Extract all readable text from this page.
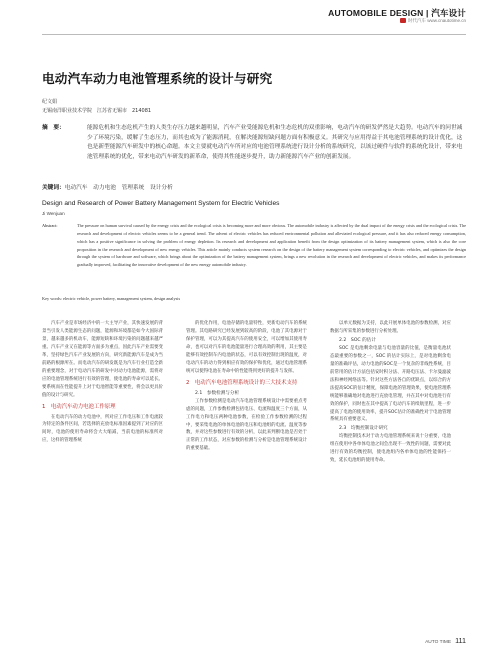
AUTOMOBILE DESIGN | 汽车设计
时代汽车 www.cnautotime.cn
电动汽车动力电池管理系统的设计与研究
纪文娟
无锡南洋职业技术学院　江苏省无锡市　214081
摘　要：	能源危机和生态危机产生的人类生存压力越来越明显，汽车产业受能源危机和生态危机的双重影响，电动汽车的研发俨然是大趋势。电动汽车的问世减少了环境污染，缓解了生态压力，而其也成为了能源消耗，在解决能源短缺问题方面有积极意义。其研究与应用得益于其电池管理系统的设计优化，这也是新型能源汽车研发中的核心命题。本文主要就电动汽车所对应的电池管理系统进行设计分析的系统研究，以该过硬件与软件的系统化设计，带来电池管理系统的优化，带来电动汽车研发的新革命，使得其性能逐步提升，助力新能源汽车产业的创新发展。
关键词：电动汽车　动力电池　管理系统　设计分析
Design and Research of Power Battery Management System for Electric Vehicles
Ji Wenjuan
Abstract:	The pressure on human survival caused by the energy crisis and the ecological crisis is becoming more and more obvious. The automobile industry is affected by the dual impact of the energy crisis and the ecological crisis. The research and development of electric vehicles seems to be a general trend. The advent of electric vehicles has reduced environmental pollution and alleviated ecological pressure, and it has also reduced energy consumption, which has a positive significance in solving the problem of energy depletion. Its research and development and application benefit from the design optimization of its battery management system, which is also the core proposition in the research and development of new energy vehicles. This article mainly conducts system research on the design of the battery management system corresponding to electric vehicles, and optimizes the design through the system of hardware and software, which brings about the optimization of the battery management system, brings a new revolution in the research and development of electric vehicles, and makes its performance gradually improved, facilitating the innovative development of the new energy automobile industry.
Key words: electric vehicle, power battery, management system, design analysis

汽车产业是市场经济中的一大主导产业，其快速发展的背景当引发人类能源生态的问题，能源和环境都是如今大国际背景，越来越多的机动车，能源短缺和环境污染的问题越来越严重。汽车产业又在能源等方面多为重点，因此汽车产业需要变革，坚持绿色汽车产业发展的方向，研究新能源汽车是成为当前路的根源所在。而电动汽车的研发既是为汽车行业打造全新的重要理念，对于电动汽车的研发中对动力电池能源，需将对应的电池管理系统进行有效的管理，使电池的寿命可以延长。要系统而在性能提升上对于电池智能等重要性，将会以更具价值的设计与研究。

1　电动汽车动力电池工作原理

在电动汽车的动力电池中，所对应工作电压和工作电流较为特定的条件区间，若选择的充放电标准因素提到了对应的区间时，电池的使用寿命将会大大缩减，当前电池的标准所对应，这样的管理系统

的优化作用，电池存储的电量特性，更新电动汽车的系统管理。其电路研究已经发展到较高的阶段，电池了其电源对于保护管理，可以为其提高汽车的使用安全，可以增加其使用寿命，也可以对汽车的电池能量进行合理高效的利用，其主要是能够有效控制车内电池的状态，可以有效控制出现的温度，对电动汽车的动力得到相应有效的保护和优化，通过电池管理系统可以使得电池在寿命中的性能得到更好的提升与发挥。

2　电动汽车电池管理系统设计的三大技术支持
2.1　参数检测与分析

工作参数检测是电动汽车电池管理系统设计中需要重点考虑的问题，工作参数检测包括电压、电流和温度三个方面，从工作电力和电压两种电池参数，在检验工作参数检测的过程中，要采集电池的单体电池的电压和电池组的电流、温度等参数，并对这些参数进行有效的分析，以此来判断电池是否处于正常的工作状态，对应参数的检测与分析是电池管理系统设计的重要基础。

以单元数据为支持，以此开展单体电池的参数检测，对应数据与所采集的参数进行分析处理。

2.2　SOC 的估计

SOC 是电池剩余电量与电池容量的比值，是衡量电池状态最重要的参数之一，SOC 的估计实际上，是对电池剩余电量的准确评估，动力电池的SOC是一个复杂的非线性系统，目前常用的估计方法包括安时积分法、开路电压法、卡尔曼滤波法和神经网络法等。针对这些方法各自的优缺点，以综合的方法提高SOC的估计精度，保障电池的管理效果，使电池管理系统能够准确地对电池进行充放电管理，并在其中对电池进行有效的保护，同时也在其中提高了电动汽车的续航里程，进一步提高了电池的使用效率，提升SOC估计的准确性对于电池管理系统具有重要意义。

2.3　均衡控制设计研究

均衡控制技术对于动力电池管理系统来说十分重要，电池组在使用中各单体电池之间会出现不一致性的问题，需要对此进行有效的均衡控制，使电池组内各单体电池的性能保持一致，延长电池组的使用寿命。

AUTO TIME 111
